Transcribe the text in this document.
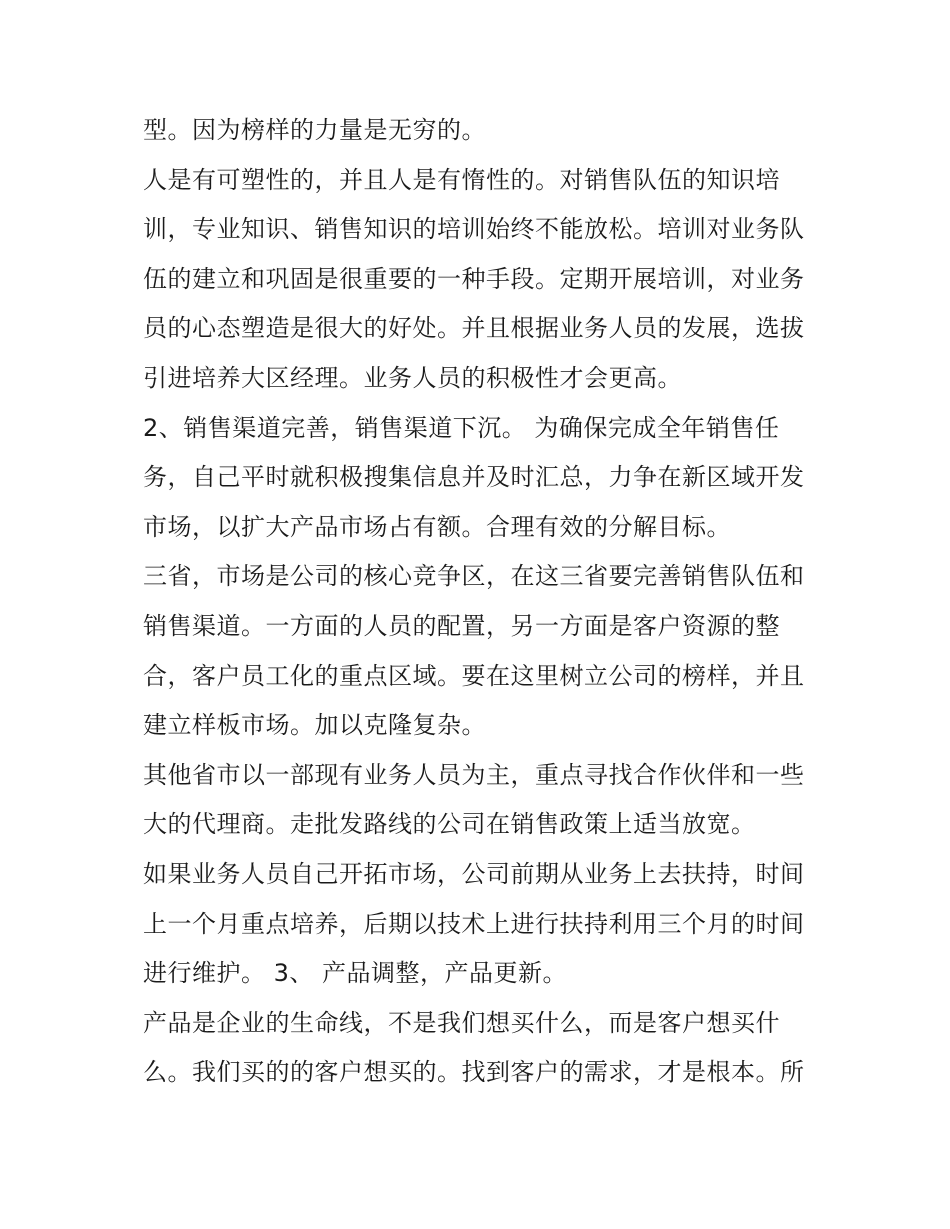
型。因为榜样的力量是无穷的。
人是有可塑性的，并且人是有惰性的。对销售队伍的知识培
训，专业知识、销售知识的培训始终不能放松。培训对业务队
伍的建立和巩固是很重要的一种手段。定期开展培训，对业务
员的心态塑造是很大的好处。并且根据业务人员的发展，选拔
引进培养大区经理。业务人员的积极性才会更高。
2、销售渠道完善，销售渠道下沉。 为确保完成全年销售任
务，自己平时就积极搜集信息并及时汇总，力争在新区域开发
市场，以扩大产品市场占有额。合理有效的分解目标。
三省，市场是公司的核心竞争区，在这三省要完善销售队伍和
销售渠道。一方面的人员的配置，另一方面是客户资源的整
合，客户员工化的重点区域。要在这里树立公司的榜样，并且
建立样板市场。加以克隆复杂。
其他省市以一部现有业务人员为主，重点寻找合作伙伴和一些
大的代理商。走批发路线的公司在销售政策上适当放宽。
如果业务人员自己开拓市场，公司前期从业务上去扶持，时间
上一个月重点培养，后期以技术上进行扶持利用三个月的时间
进行维护。 3、 产品调整，产品更新。
产品是企业的生命线，不是我们想买什么，而是客户想买什
么。我们买的的客户想买的。找到客户的需求，才是根本。所
